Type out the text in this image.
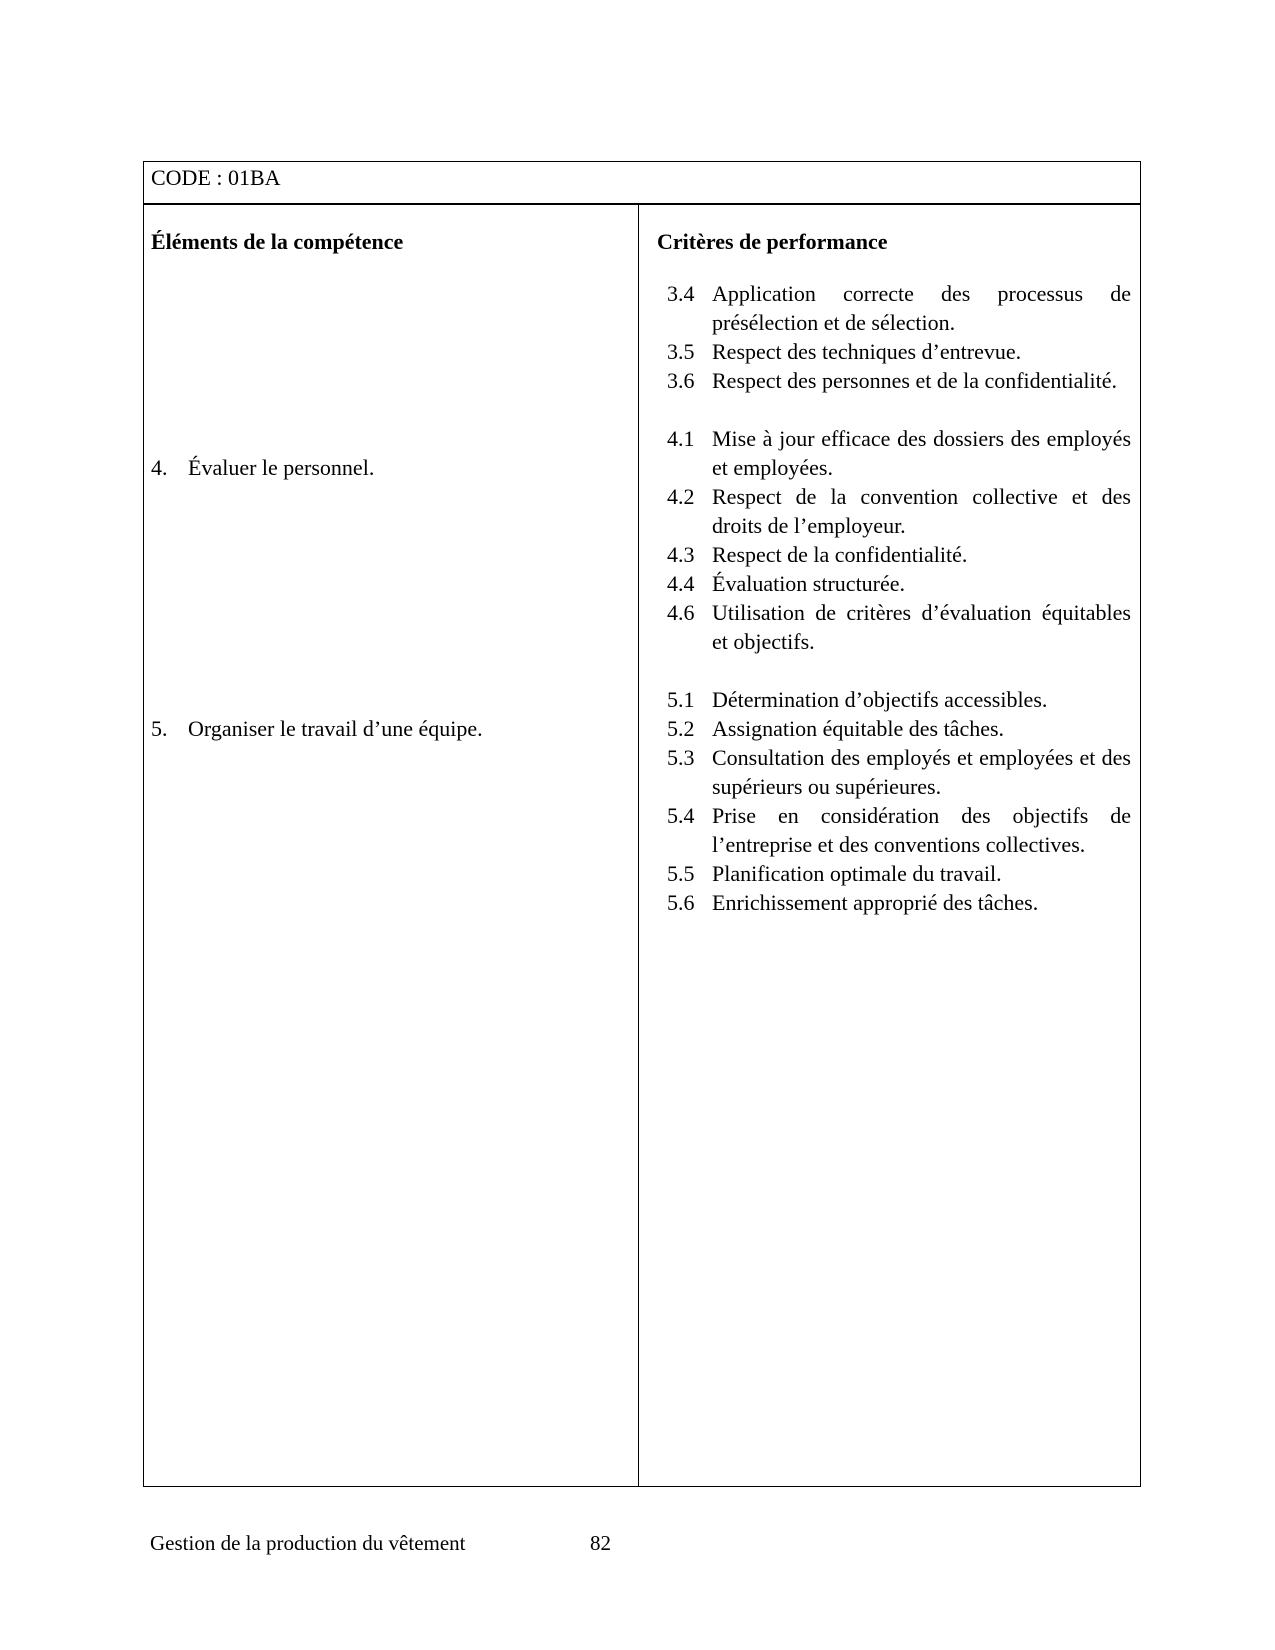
CODE : 01BA
Éléments de la compétence	Critères de performance
4. Évaluer le personnel.
5. Organiser le travail d’une équipe.
3.4 Application correcte des processus de présélection et de sélection.
3.5 Respect des techniques d’entrevue.
3.6 Respect des personnes et de la confidentialité.
4.1 Mise à jour efficace des dossiers des employés et employées.
4.2 Respect de la convention collective et des droits de l’employeur.
4.3 Respect de la confidentialité.
4.4 Évaluation structurée.
4.6 Utilisation de critères d’évaluation équitables et objectifs.
5.1 Détermination d’objectifs accessibles.
5.2 Assignation équitable des tâches.
5.3 Consultation des employés et employées et des supérieurs ou supérieures.
5.4 Prise en considération des objectifs de l’entreprise et des conventions collectives.
5.5 Planification optimale du travail.
5.6 Enrichissement approprié des tâches.
Gestion de la production du vêtement	82
